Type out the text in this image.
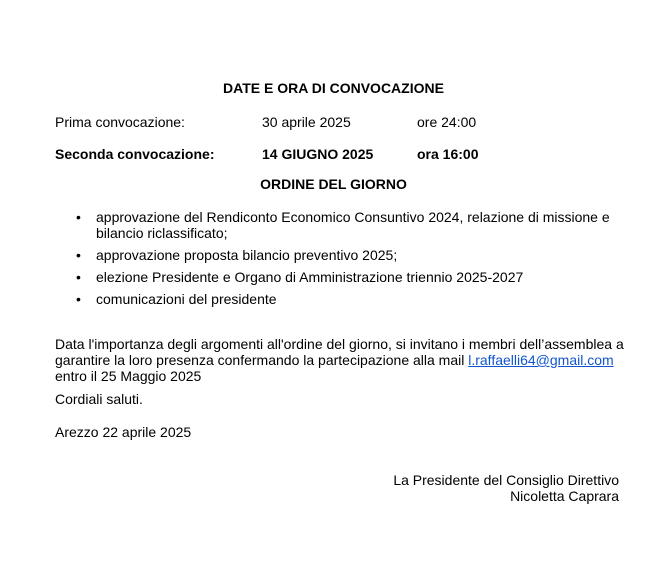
DATE E ORA DI CONVOCAZIONE
Prima convocazione:	30 aprile 2025	ore 24:00
Seconda convocazione:	14 GIUGNO 2025	ora 16:00
ORDINE DEL GIORNO
• approvazione del Rendiconto Economico Consuntivo 2024, relazione di missione e bilancio riclassificato;
• approvazione proposta bilancio preventivo 2025;
• elezione Presidente e Organo di Amministrazione triennio 2025-2027
• comunicazioni del presidente

Data l'importanza degli argomenti all'ordine del giorno, si invitano i membri dell’assemblea a garantire la loro presenza confermando la partecipazione alla mail l.raffaelli64@gmail.com entro il 25 Maggio 2025

Cordiali saluti.

Arezzo 22 aprile 2025

La Presidente del Consiglio Direttivo
Nicoletta Caprara
